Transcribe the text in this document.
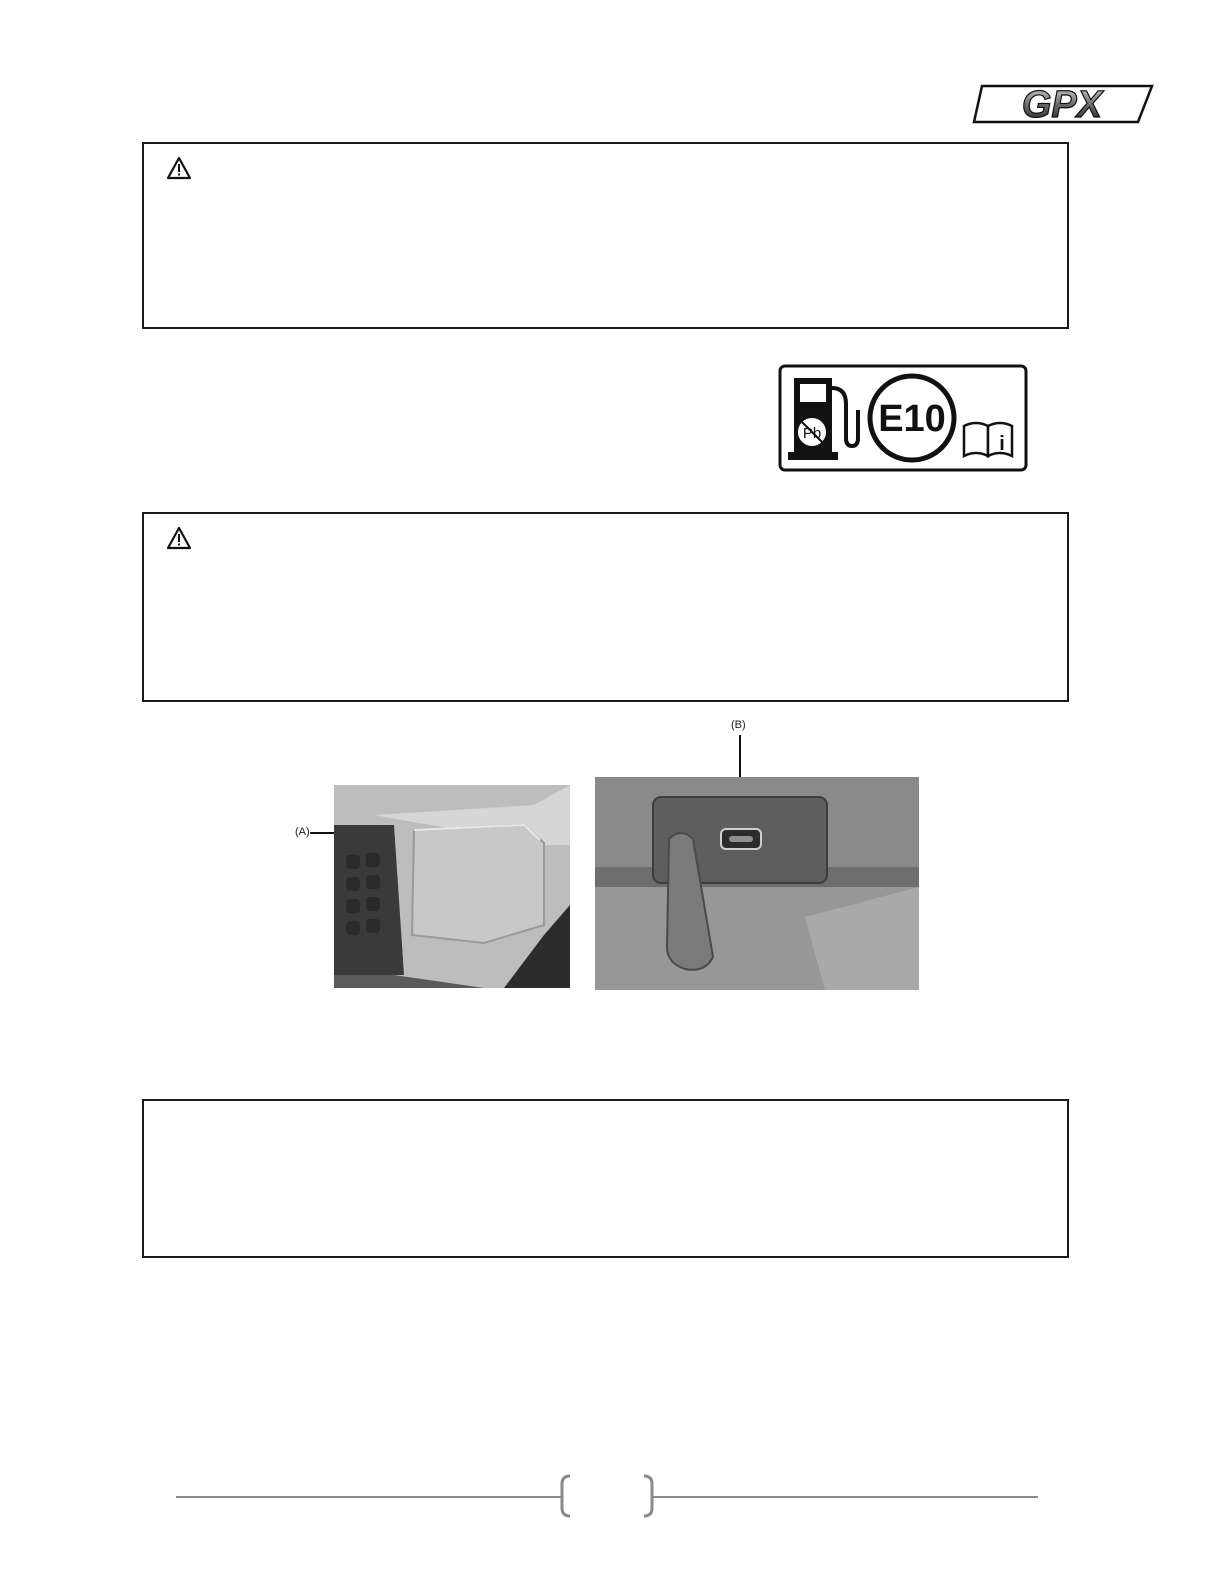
GPX
Pb E10
i
(A)
(B)
